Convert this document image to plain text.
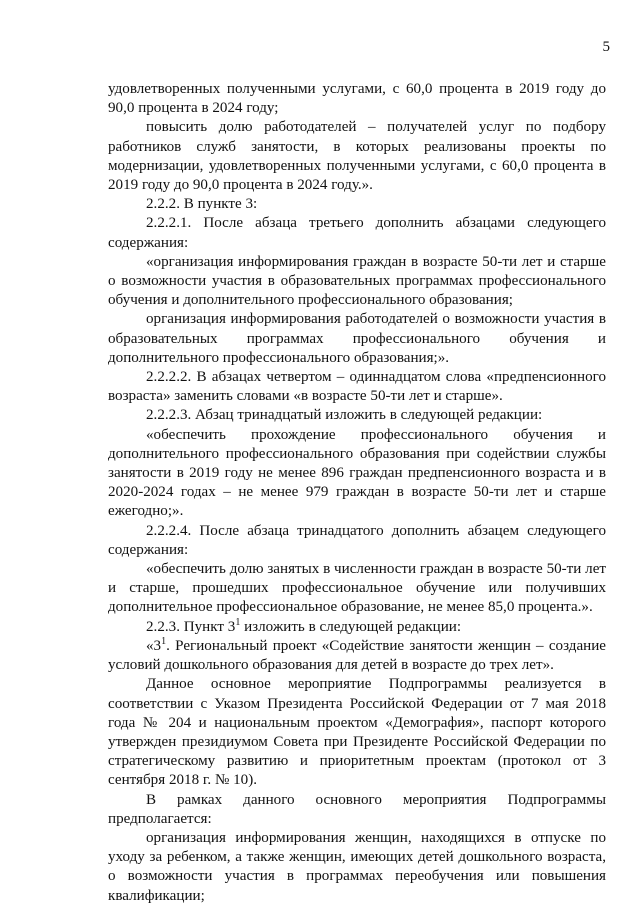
5

удовлетворенных полученными услугами, с 60,0 процента в 2019 году до 90,0 процента в 2024 году;

повысить долю работодателей – получателей услуг по подбору работников служб занятости, в которых реализованы проекты по модернизации, удовлетворенных полученными услугами, с 60,0 процента в 2019 году до 90,0 процента в 2024 году.».

2.2.2. В пункте 3:

2.2.2.1. После абзаца третьего дополнить абзацами следующего содержания:

«организация информирования граждан в возрасте 50-ти лет и старше о возможности участия в образовательных программах профессионального обучения и дополнительного профессионального образования;

организация информирования работодателей о возможности участия в образовательных программах профессионального обучения и дополнительного профессионального образования;».

2.2.2.2. В абзацах четвертом – одиннадцатом слова «предпенсионного возраста» заменить словами «в возрасте 50-ти лет и старше».

2.2.2.3. Абзац тринадцатый изложить в следующей редакции:

«обеспечить прохождение профессионального обучения и дополнительного профессионального образования при содействии службы занятости в 2019 году не менее 896 граждан предпенсионного возраста и в 2020-2024 годах – не менее 979 граждан в возрасте 50-ти лет и старше ежегодно;».

2.2.2.4. После абзаца тринадцатого дополнить абзацем следующего содержания:

«обеспечить долю занятых в численности граждан в возрасте 50-ти лет и старше, прошедших профессиональное обучение или получивших дополнительное профессиональное образование, не менее 85,0 процента.».

2.2.3. Пункт $3^1$ изложить в следующей редакции:

«$3^1$. Региональный проект «Содействие занятости женщин – создание условий дошкольного образования для детей в возрасте до трех лет».

Данное основное мероприятие Подпрограммы реализуется в соответствии с Указом Президента Российской Федерации от 7 мая 2018 года № 204 и национальным проектом «Демография», паспорт которого утвержден президиумом Совета при Президенте Российской Федерации по стратегическому развитию и приоритетным проектам (протокол от 3 сентября 2018 г. № 10).

В рамках данного основного мероприятия Подпрограммы предполагается:

организация информирования женщин, находящихся в отпуске по уходу за ребенком, а также женщин, имеющих детей дошкольного возраста, о возможности участия в программах переобучения или повышения квалификации;
